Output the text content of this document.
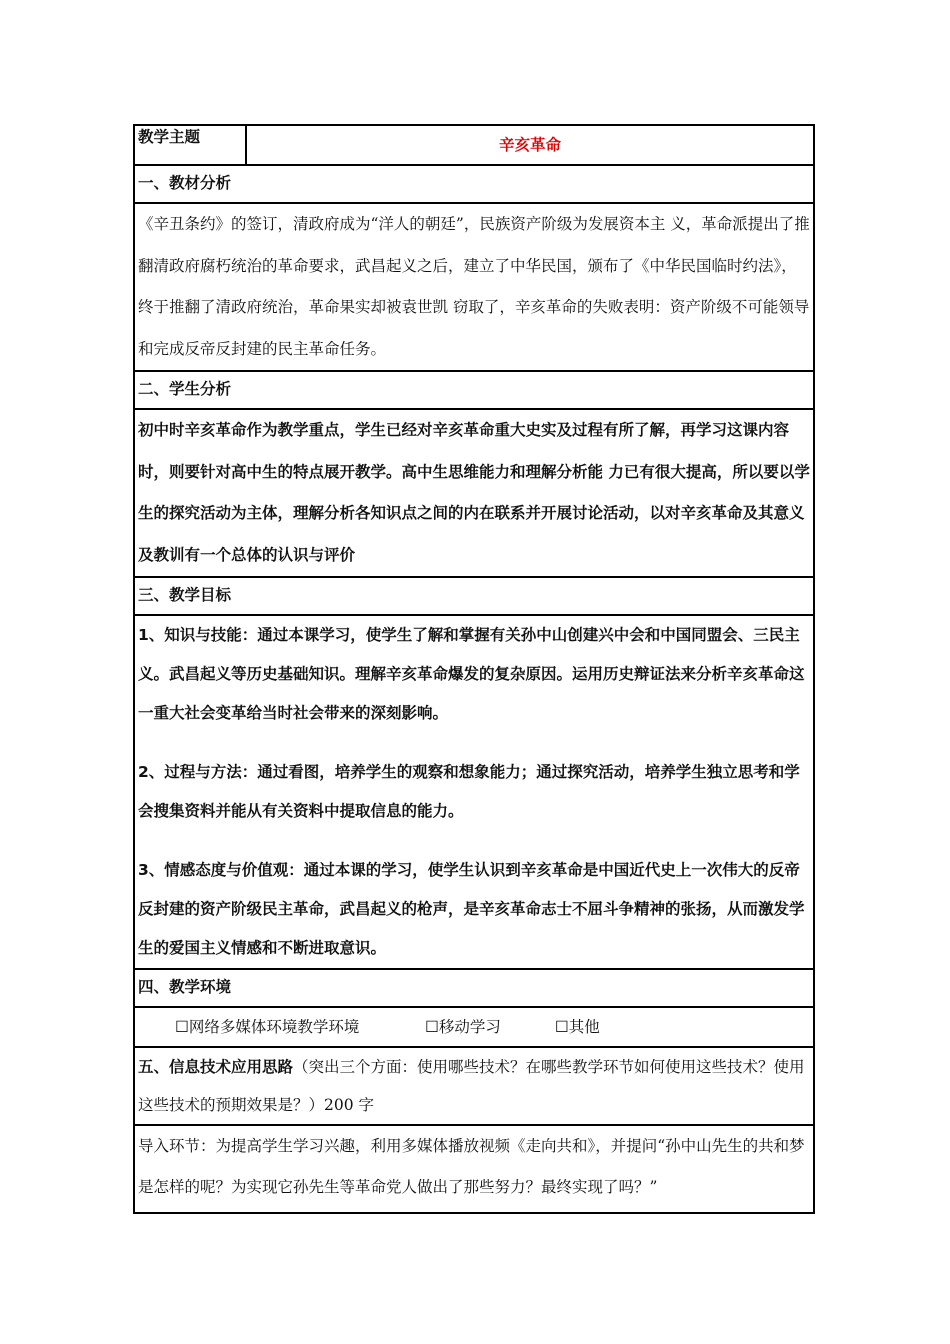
教学主题	辛亥革命
一、教材分析

《辛丑条约》的签订，清政府成为“洋人的朝廷”，民族资产阶级为发展资本主 义，革命派提出了推翻清政府腐朽统治的革命要求，武昌起义之后，建立了中华民国，颁布了《中华民国临时约法》，终于推翻了清政府统治，革命果实却被袁世凯 窃取了，辛亥革命的失败表明：资产阶级不可能领导和完成反帝反封建的民主革命任务。

二、学生分析

初中时辛亥革命作为教学重点，学生已经对辛亥革命重大史实及过程有所了解，再学习这课内容时，则要针对高中生的特点展开教学。高中生思维能力和理解分析能 力已有很大提高，所以要以学生的探究活动为主体，理解分析各知识点之间的内在联系并开展讨论活动，以对辛亥革命及其意义及教训有一个总体的认识与评价

三、教学目标

1、知识与技能：通过本课学习，使学生了解和掌握有关孙中山创建兴中会和中国同盟会、三民主义。武昌起义等历史基础知识。理解辛亥革命爆发的复杂原因。运用历史辩证法来分析辛亥革命这一重大社会变革给当时社会带来的深刻影响。

2、过程与方法：通过看图，培养学生的观察和想象能力；通过探究活动，培养学生独立思考和学会搜集资料并能从有关资料中提取信息的能力。

3、情感态度与价值观：通过本课的学习，使学生认识到辛亥革命是中国近代史上一次伟大的反帝反封建的资产阶级民主革命，武昌起义的枪声，是辛亥革命志士不屈斗争精神的张扬，从而激发学生的爱国主义情感和不断进取意识。

四、教学环境
☐网络多媒体环境教学环境	☐移动学习	☐其他
五、信息技术应用思路（突出三个方面：使用哪些技术？在哪些教学环节如何使用这些技术？使用这些技术的预期效果是？）200 字
导入环节：为提高学生学习兴趣，利用多媒体播放视频《走向共和》，并提问“孙中山先生的共和梦是怎样的呢？为实现它孙先生等革命党人做出了那些努力？最终实现了吗？”
